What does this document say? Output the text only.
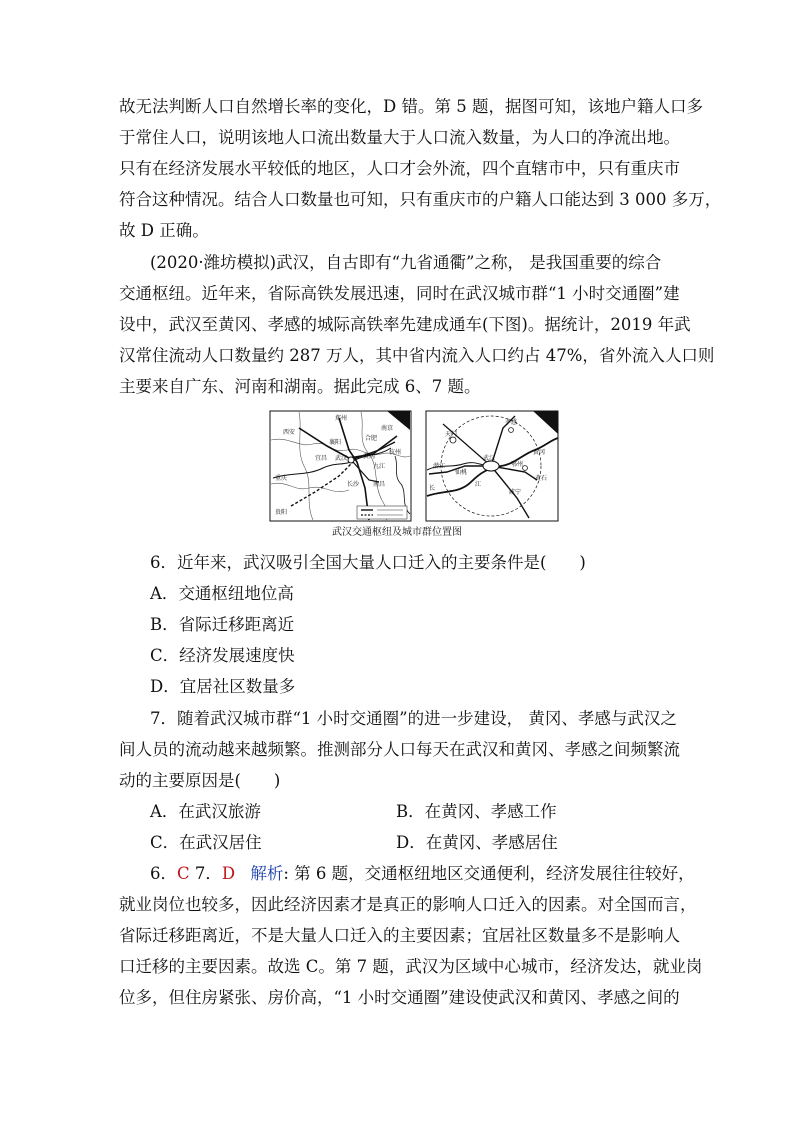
故无法判断人口自然增长率的变化，D 错。第 5 题，据图可知，该地户籍人口多
于常住人口，说明该地人口流出数量大于人口流入数量，为人口的净流出地。
只有在经济发展水平较低的地区，人口才会外流，四个直辖市中，只有重庆市
符合这种情况。结合人口数量也可知，只有重庆市的户籍人口能达到 3 000 多万，
故 D 正确。
(2020·潍坊模拟)武汉，自古即有“九省通衢”之称， 是我国重要的综合
交通枢纽。近年来，省际高铁发展迅速，同时在武汉城市群“1 小时交通圈”建
设中，武汉至黄冈、孝感的城际高铁率先建成通车(下图)。据统计，2019 年武
汉常住流动人口数量约 287 万人，其中省内流入人口约占 47%，省外流入人口则
主要来自广东、河南和湖南。据此完成 6、7 题。
郑州
西安
襄阳
合肥
南京
宜昌 武汉	黄冈
杭州
九江
重庆
长沙 南昌
贵阳
天门
孝感
潜江
仙桃
武汉
鄂州
黄冈
黄石
咸宁
长
江
武汉交通枢纽及城市群位置图
6．近年来，武汉吸引全国大量人口迁入的主要条件是(　　)
A．交通枢纽地位高
B．省际迁移距离近
C．经济发展速度快
D．宜居社区数量多
7．随着武汉城市群“1 小时交通圈”的进一步建设， 黄冈、孝感与武汉之
间人员的流动越来越频繁。推测部分人口每天在武汉和黄冈、孝感之间频繁流
动的主要原因是(　　)
A．在武汉旅游	B．在黄冈、孝感工作
C．在武汉居住	D．在黄冈、孝感居住
6．C 7．D 解析: 第 6 题，交通枢纽地区交通便利，经济发展往往较好，
就业岗位也较多，因此经济因素才是真正的影响人口迁入的因素。对全国而言，
省际迁移距离近，不是大量人口迁入的主要因素；宜居社区数量多不是影响人
口迁移的主要因素。故选 C。第 7 题，武汉为区域中心城市，经济发达，就业岗
位多，但住房紧张、房价高，“1 小时交通圈”建设使武汉和黄冈、孝感之间的
